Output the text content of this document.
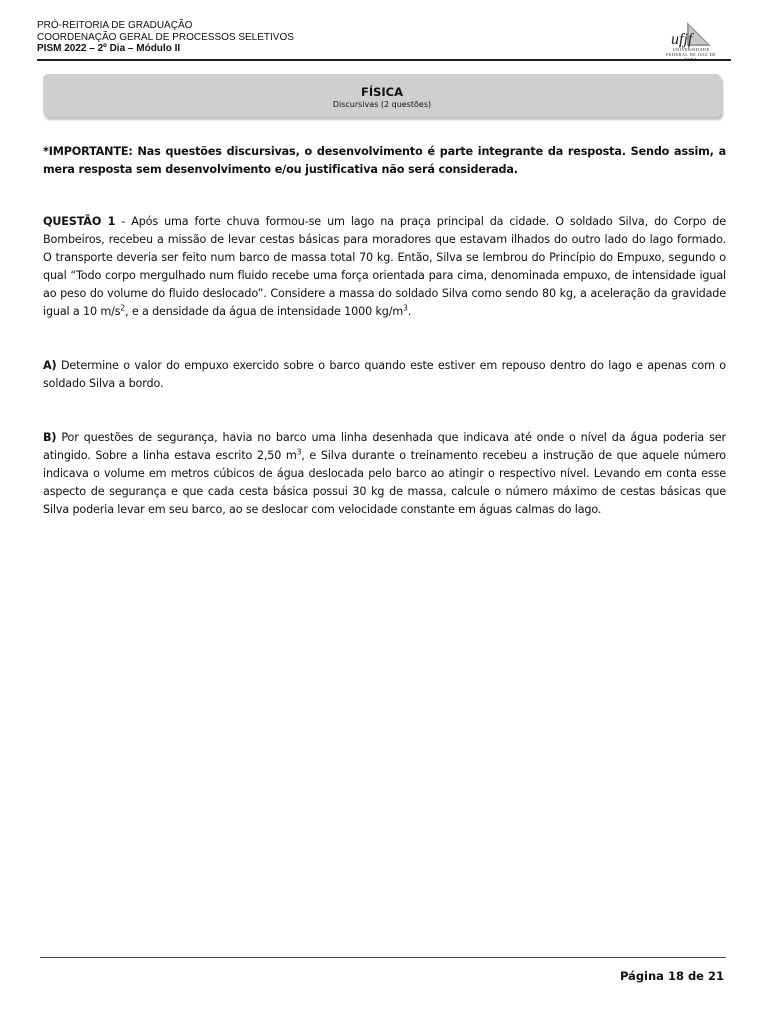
PRÓ-REITORIA DE GRADUAÇÃO
COORDENAÇÃO GERAL DE PROCESSOS SELETIVOS
PISM 2022 – 2º Dia – Módulo II
ufjf
UNIVERSIDADE
FEDERAL DE JUIZ DE
FÍSICA
Discursivas (2 questões)

*IMPORTANTE: Nas questões discursivas, o desenvolvimento é parte integrante da resposta. Sendo assim, a mera resposta sem desenvolvimento e/ou justificativa não será considerada.

QUESTÃO 1 - Após uma forte chuva formou-se um lago na praça principal da cidade. O soldado Silva, do Corpo de Bombeiros, recebeu a missão de levar cestas básicas para moradores que estavam ilhados do outro lado do lago formado. O transporte deveria ser feito num barco de massa total 70 kg. Então, Silva se lembrou do Princípio do Empuxo, segundo o qual “Todo corpo mergulhado num fluido recebe uma força orientada para cima, denominada empuxo, de intensidade igual ao peso do volume do fluido deslocado”. Considere a massa do soldado Silva como sendo 80 kg, a aceleração da gravidade igual a 10 $m/s^2$, e a densidade da água de intensidade 1000 $kg/m^3$.

A) Determine o valor do empuxo exercido sobre o barco quando este estiver em repouso dentro do lago e apenas com o soldado Silva a bordo.

B) Por questões de segurança, havia no barco uma linha desenhada que indicava até onde o nível da água poderia ser atingido. Sobre a linha estava escrito 2,50 $m^3$, e Silva durante o treinamento recebeu a instrução de que aquele número indicava o volume em metros cúbicos de água deslocada pelo barco ao atingir o respectivo nível. Levando em conta esse aspecto de segurança e que cada cesta básica possui 30 kg de massa, calcule o número máximo de cestas básicas que Silva poderia levar em seu barco, ao se deslocar com velocidade constante em águas calmas do lago.

Página 18 de 21
